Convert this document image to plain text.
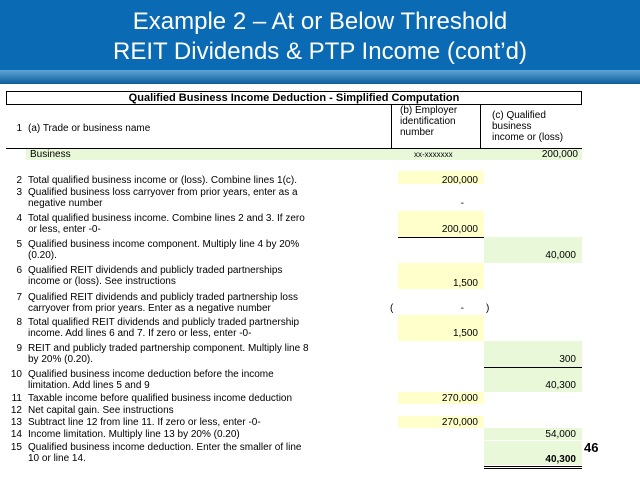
Example 2 – At or Below Threshold
REIT Dividends & PTP Income (cont’d)
Qualified Business Income Deduction - Simplified Computation
1 (a) Trade or business name
(b) Employer
identification
number
(c) Qualified
business
income or (loss)
Business	xx-xxxxxxx	200,000
2 Total qualified business income or (loss). Combine lines 1(c).	200,000
3 Qualified business loss carryover from prior years, enter as a
negative number	-
4 Total qualified business income. Combine lines 2 and 3. If zero
or less, enter -0-	200,000
5 Qualified business income component. Multiply line 4 by 20%
(0.20).	40,000
6 Qualified REIT dividends and publicly traded partnerships
income or (loss). See instructions	1,500
7 Qualified REIT dividends and publicly traded partnership loss
carryover from prior years. Enter as a negative number	(	- )
8 Total qualified REIT dividends and publicly traded partnership
income. Add lines 6 and 7. If zero or less, enter -0-	1,500
9 REIT and publicly traded partnership component. Multiply line 8
by 20% (0.20).	300
10 Qualified business income deduction before the income
limitation. Add lines 5 and 9	40,300
11 Taxable income before qualified business income deduction	270,000
12 Net capital gain. See instructions
13 Subtract line 12 from line 11. If zero or less, enter -0-	270,000
14 Income limitation. Multiply line 13 by 20% (0.20)	54,000
15 Qualified business income deduction. Enter the smaller of line
10 or line 14.	40,300
46
